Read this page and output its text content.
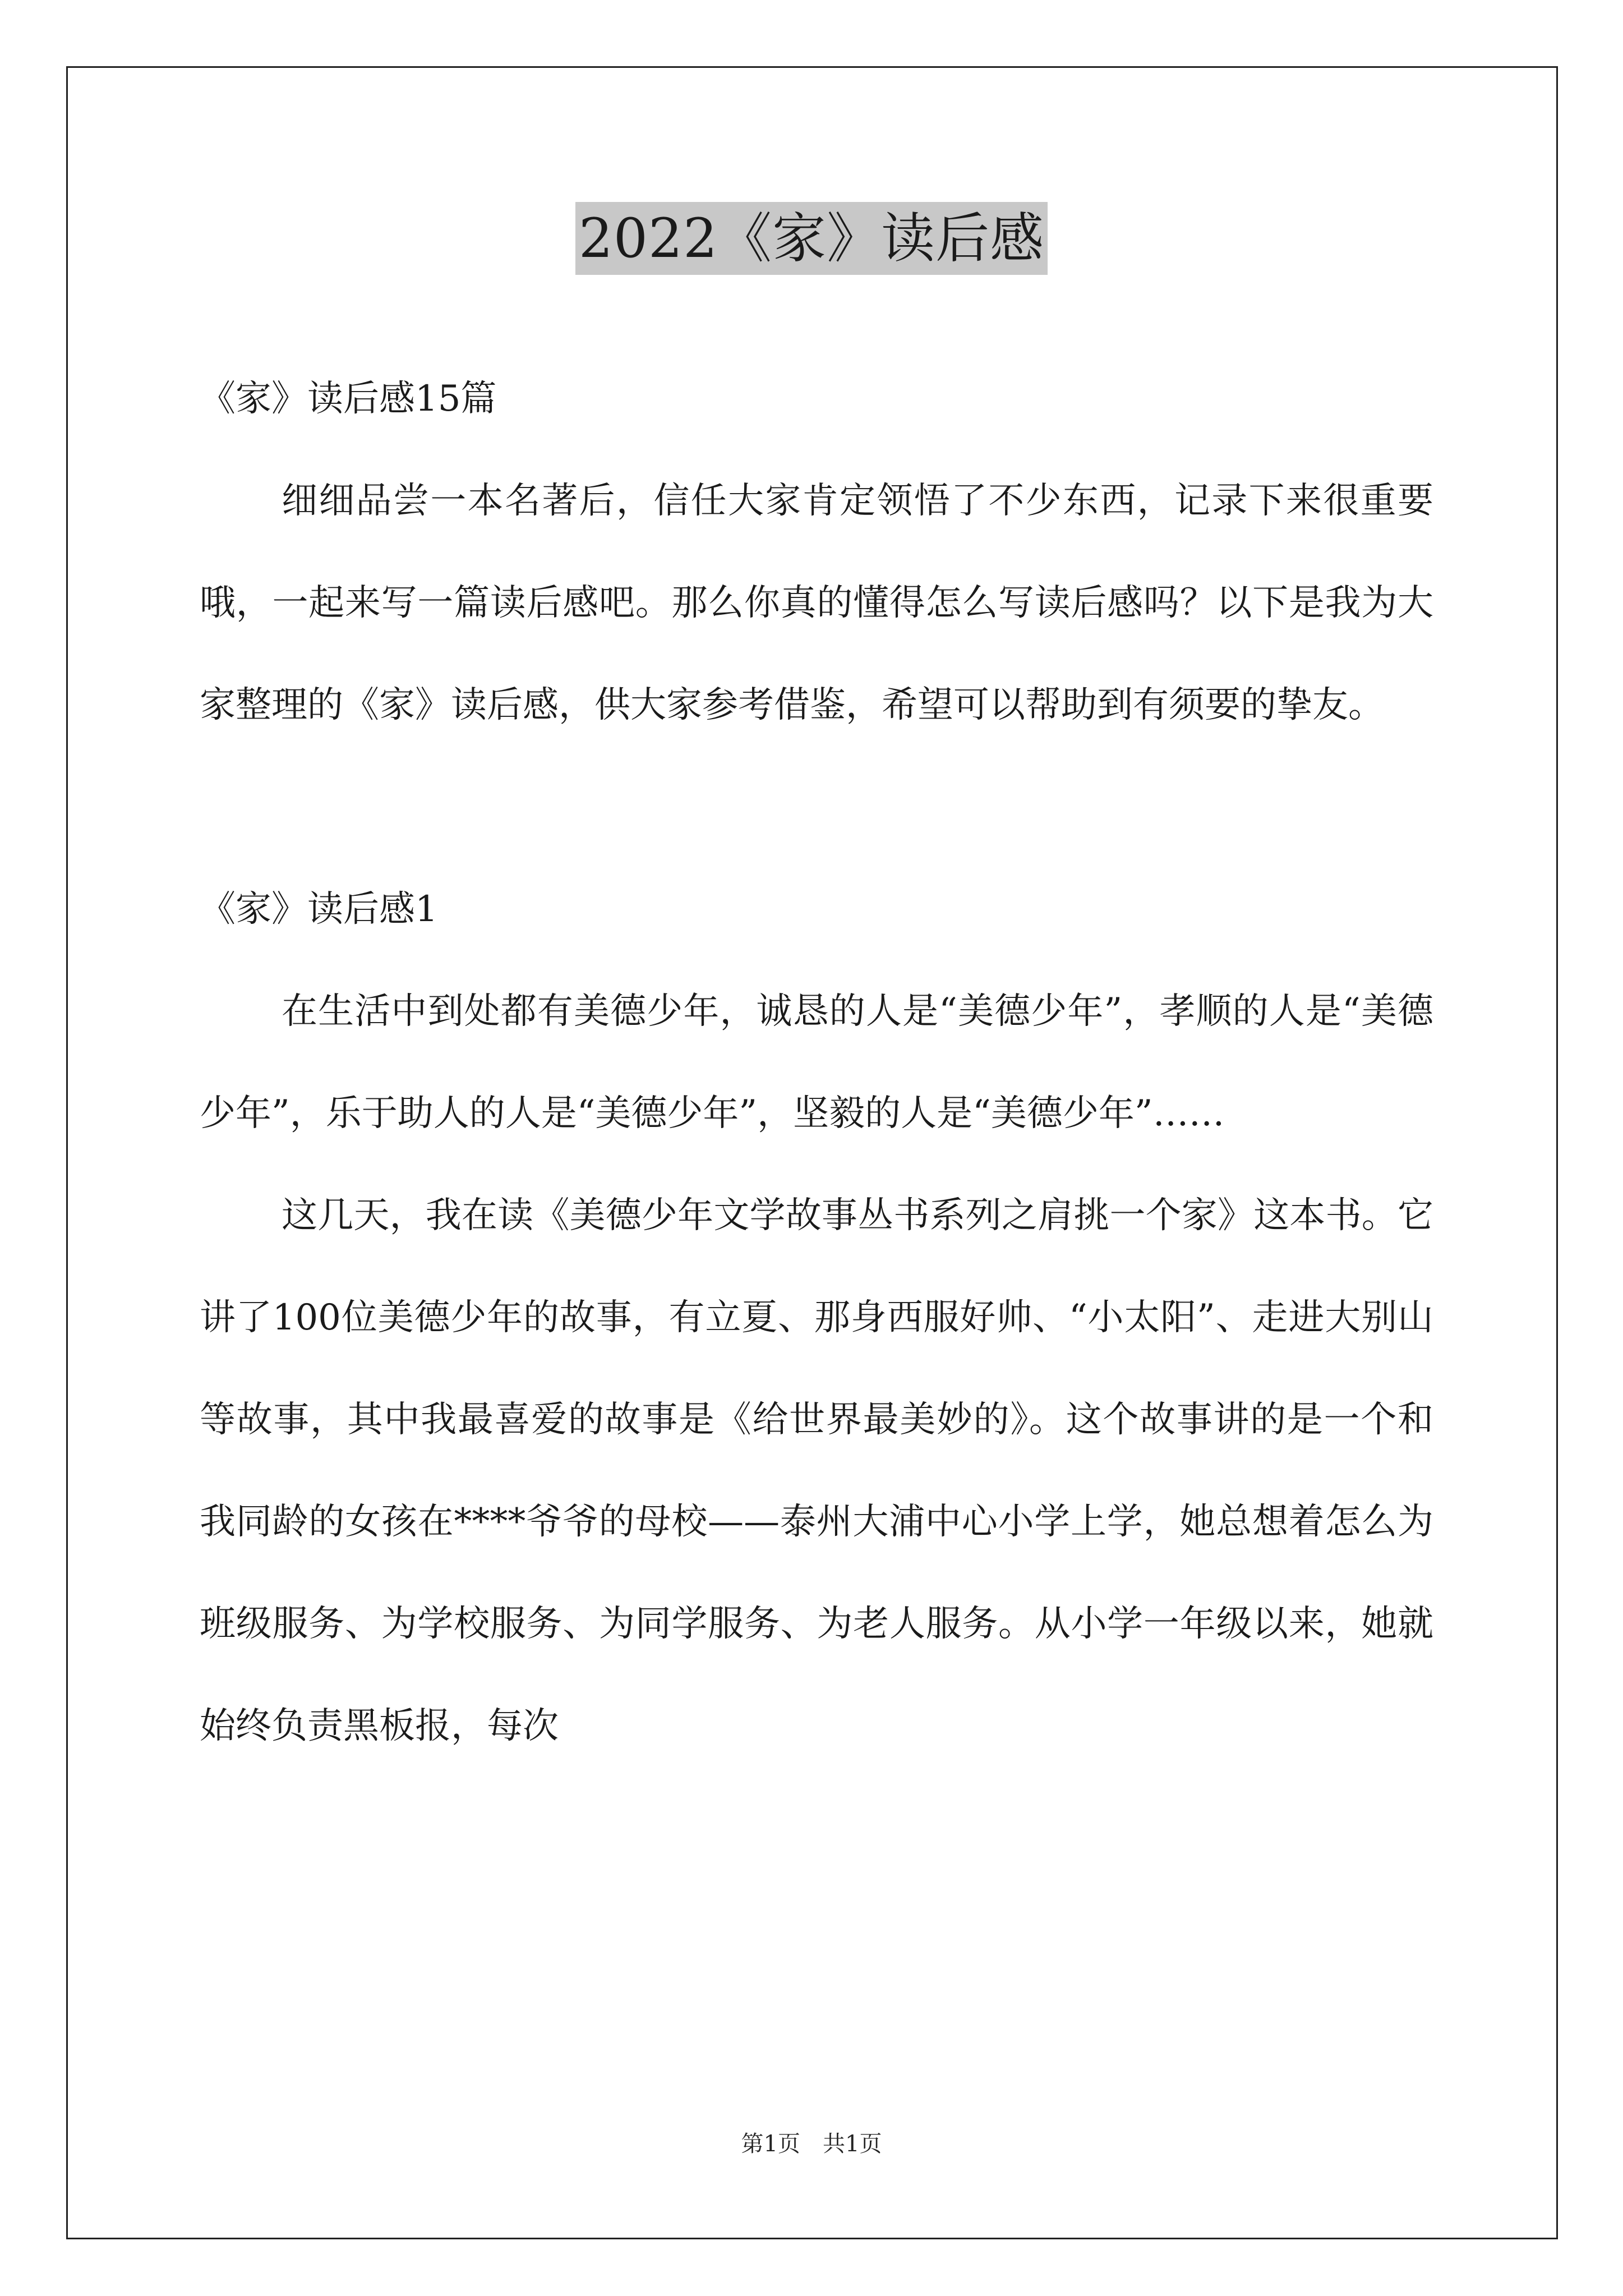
2022《家》读后感

《家》读后感15篇

细细品尝一本名著后，信任大家肯定领悟了不少东西，记录下来很重要哦，一起来写一篇读后感吧。那么你真的懂得怎么写读后感吗？以下是我为大家整理的《家》读后感，供大家参考借鉴，希望可以帮助到有须要的挚友。

《家》读后感1

在生活中到处都有美德少年，诚恳的人是“美德少年”，孝顺的人是“美德少年”，乐于助人的人是“美德少年”，坚毅的人是“美德少年”……

这几天，我在读《美德少年文学故事丛书系列之肩挑一个家》这本书。它讲了100位美德少年的故事，有立夏、那身西服好帅、“小太阳”、走进大别山等故事，其中我最喜爱的故事是《给世界最美妙的》。这个故事讲的是一个和我同龄的女孩在****爷爷的母校——泰州大浦中心小学上学，她总想着怎么为班级服务、为学校服务、为同学服务、为老人服务。从小学一年级以来，她就始终负责黑板报，每次

第1页　共1页
